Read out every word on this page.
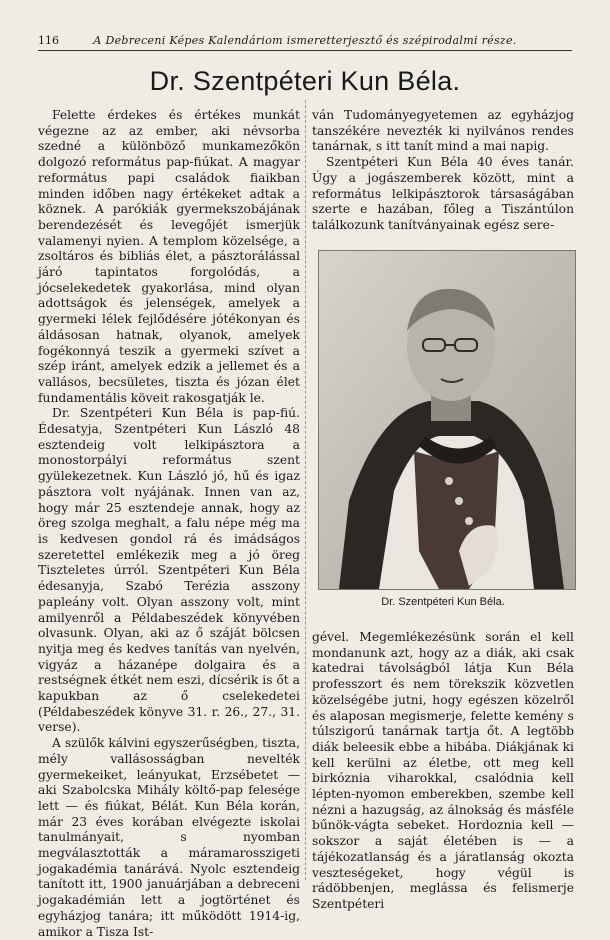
116	A Debreceni Képes Kalendáriom ismeretterjesztő és szépirodalmi része.
Dr. Szentpéteri Kun Béla.

Felette érdekes és értékes munkát végezne az az ember, aki névsorba szedné a különböző munkamezőkön dolgozó református pap-fiúkat. A magyar református papi családok fiaikban minden időben nagy értékeket adtak a köznek. A parókiák gyermekszobájának berendezését és levegőjét ismerjük valamenyi nyien. A templom közelsége, a zsoltáros és bibliás élet, a pásztorálással járó tapintatos forgolódás, a jócselekedetek gyakorlása, mind olyan adottságok és jelenségek, amelyek a gyermeki lélek fejlődésére jótékonyan és áldásosan hatnak, olyanok, amelyek fogékonnyá teszik a gyermeki szívet a szép iránt, amelyek edzik a jellemet és a vallásos, becsületes, tiszta és józan élet fundamentális köveit rakosgatják le.

Dr. Szentpéteri Kun Béla is pap-fiú. Édesatyja, Szentpéteri Kun László 48 esztendeig volt lelkipásztora a monostorpályi református szent gyülekezetnek. Kun László jó, hű és igaz pásztora volt nyájának. Innen van az, hogy már 25 esztendeje annak, hogy az öreg szolga meghalt, a falu népe még ma is kedvesen gondol rá és imádságos szeretettel emlékezik meg a jó öreg Tiszteletes úrról. Szentpéteri Kun Béla édesanyja, Szabó Terézia asszony papleány volt. Olyan asszony volt, mint amilyenről a Példabeszédek könyvében olvasunk. Olyan, aki az ő száját bölcsen nyitja meg és kedves tanítás van nyelvén, vigyáz a házanépe dolgaira és a restségnek étkét nem eszi, dícsérik is őt a kapukban az ő cselekedetei (Példabeszédek könyve 31. r. 26., 27., 31. verse).

A szülők kálvini egyszerűségben, tiszta, mély vallásosságban nevelték gyermekeiket, leányukat, Erzsébetet — aki Szabolcska Mihály költő-pap felesége lett — és fiúkat, Bélát. Kun Béla korán, már 23 éves korában elvégezte iskolai tanulmányait, s nyomban megválasztották a máramarosszigeti jogakadémia tanárává. Nyolc esztendeig tanított itt, 1900 januárjában a debreceni jogakadémián lett a jogtörténet és egyházjog tanára; itt működött 1914-ig, amikor a Tisza Ist-

ván Tudományegyetemen az egyházjog tanszékére nevezték ki nyilvános rendes tanárnak, s itt tanít mind a mai napig.

Szentpéteri Kun Béla 40 éves tanár. Úgy a jogászemberek között, mint a református lelkipásztorok társaságában szerte e hazában, főleg a Tiszántúlon találkozunk tanítványainak egész sere-

Dr. Szentpéteri Kun Béla.

gével. Megemlékezésünk során el kell mondanunk azt, hogy az a diák, aki csak katedrai távolságból látja Kun Béla professzort és nem törekszik közvetlen közelségébe jutni, hogy egészen közelről és alaposan megismerje, felette kemény s túlszigorú tanárnak tartja őt. A legtöbb diák beleesik ebbe a hibába. Diákjának ki kell kerülni az életbe, ott meg kell birkóznia viharokkal, csalódnia kell lépten-nyomon emberekben, szembe kell nézni a hazugság, az álnokság és másféle bűnök-vágta sebeket. Hordoznia kell — sokszor a saját életében is — a tájékozatlanság és a járatlanság okozta veszteségeket, hogy végül is rádöbbenjen, meglássa és felismerje Szentpéteri
